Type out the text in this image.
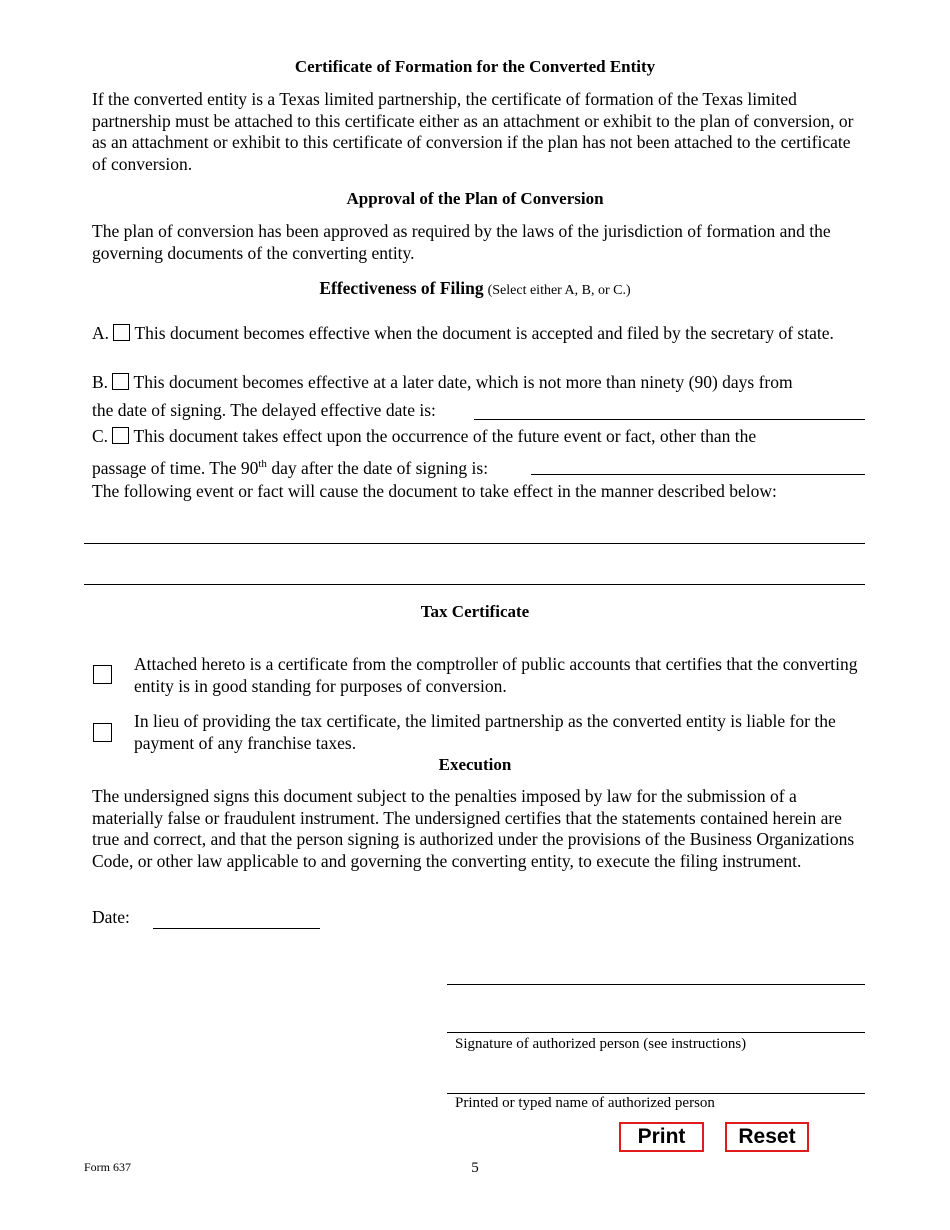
Certificate of Formation for the Converted Entity
If the converted entity is a Texas limited partnership, the certificate of formation of the Texas limited partnership must be attached to this certificate either as an attachment or exhibit to the plan of conversion, or as an attachment or exhibit to this certificate of conversion if the plan has not been attached to the certificate of conversion.
Approval of the Plan of Conversion
The plan of conversion has been approved as required by the laws of the jurisdiction of formation and the governing documents of the converting entity.
Effectiveness of Filing (Select either A, B, or C.)
A. This document becomes effective when the document is accepted and filed by the secretary of state.
B. This document becomes effective at a later date, which is not more than ninety (90) days from
the date of signing. The delayed effective date is:
C. This document takes effect upon the occurrence of the future event or fact, other than the
passage of time. The 90th day after the date of signing is:
The following event or fact will cause the document to take effect in the manner described below:
Tax Certificate
Attached hereto is a certificate from the comptroller of public accounts that certifies that the converting entity is in good standing for purposes of conversion.
In lieu of providing the tax certificate, the limited partnership as the converted entity is liable for the payment of any franchise taxes.
Execution
The undersigned signs this document subject to the penalties imposed by law for the submission of a materially false or fraudulent instrument. The undersigned certifies that the statements contained herein are true and correct, and that the person signing is authorized under the provisions of the Business Organizations Code, or other law applicable to and governing the converting entity, to execute the filing instrument.
Date:
Signature of authorized person (see instructions)
Printed or typed name of authorized person
Print	Reset
Form 637	5
